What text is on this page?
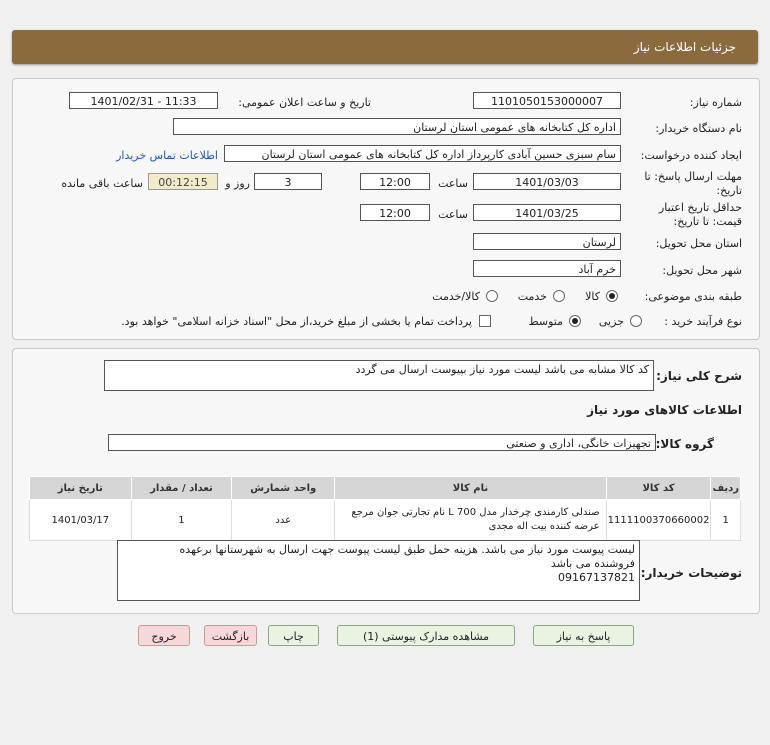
جزئیات اطلاعات نیاز
شماره نیاز:
1101050153000007
تاریخ و ساعت اعلان عمومی:
1401/02/31 - 11:33
نام دستگاه خریدار:
اداره کل کتابخانه های عمومی استان لرستان
ایجاد کننده درخواست:
سام سبزی حسین آبادی کارپرداز اداره کل کتابخانه های عمومی استان لرستان
اطلاعات تماس خریدار
مهلت ارسال پاسخ: تا
تاریخ:
1401/03/03
ساعت
12:00
3
روز و
00:12:15
ساعت باقی مانده
حداقل تاریخ اعتبار
قیمت: تا تاریخ:
1401/03/25
ساعت
12:00
استان محل تحویل:
لرستان
شهر محل تحویل:
خرم آباد
طبقه بندی موضوعی:
کالا
خدمت
کالا/خدمت
نوع فرآیند خرید :
جزیی
متوسط
پرداخت تمام یا بخشی از مبلغ خرید،از محل "اسناد خزانه اسلامی" خواهد بود.
شرح کلی نیاز:
کد کالا مشابه می باشد لیست مورد نیاز بپیوست ارسال می گردد
اطلاعات کالاهای مورد نیاز
گروه کالا:
تجهیزات خانگی، اداری و صنعتی
ردیف	کد کالا	نام کالا	واحد شمارش	تعداد / مقدار	تاریخ نیاز
1	1111100370660002	صندلی کارمندی چرخدار مدل 700 L نام تجارتی جوان مرجع عرضه کننده بیت اله مجدی	عدد	1	1401/03/17
توضیحات خریدار:
لیست پیوست مورد نیاز می باشد. هزینه حمل طبق لیست پیوست جهت ارسال به شهرستانها برعهده
فروشنده می باشد
09167137821
پاسخ به نیاز
مشاهده مدارک پیوستی (1)
چاپ
بازگشت
خروج
